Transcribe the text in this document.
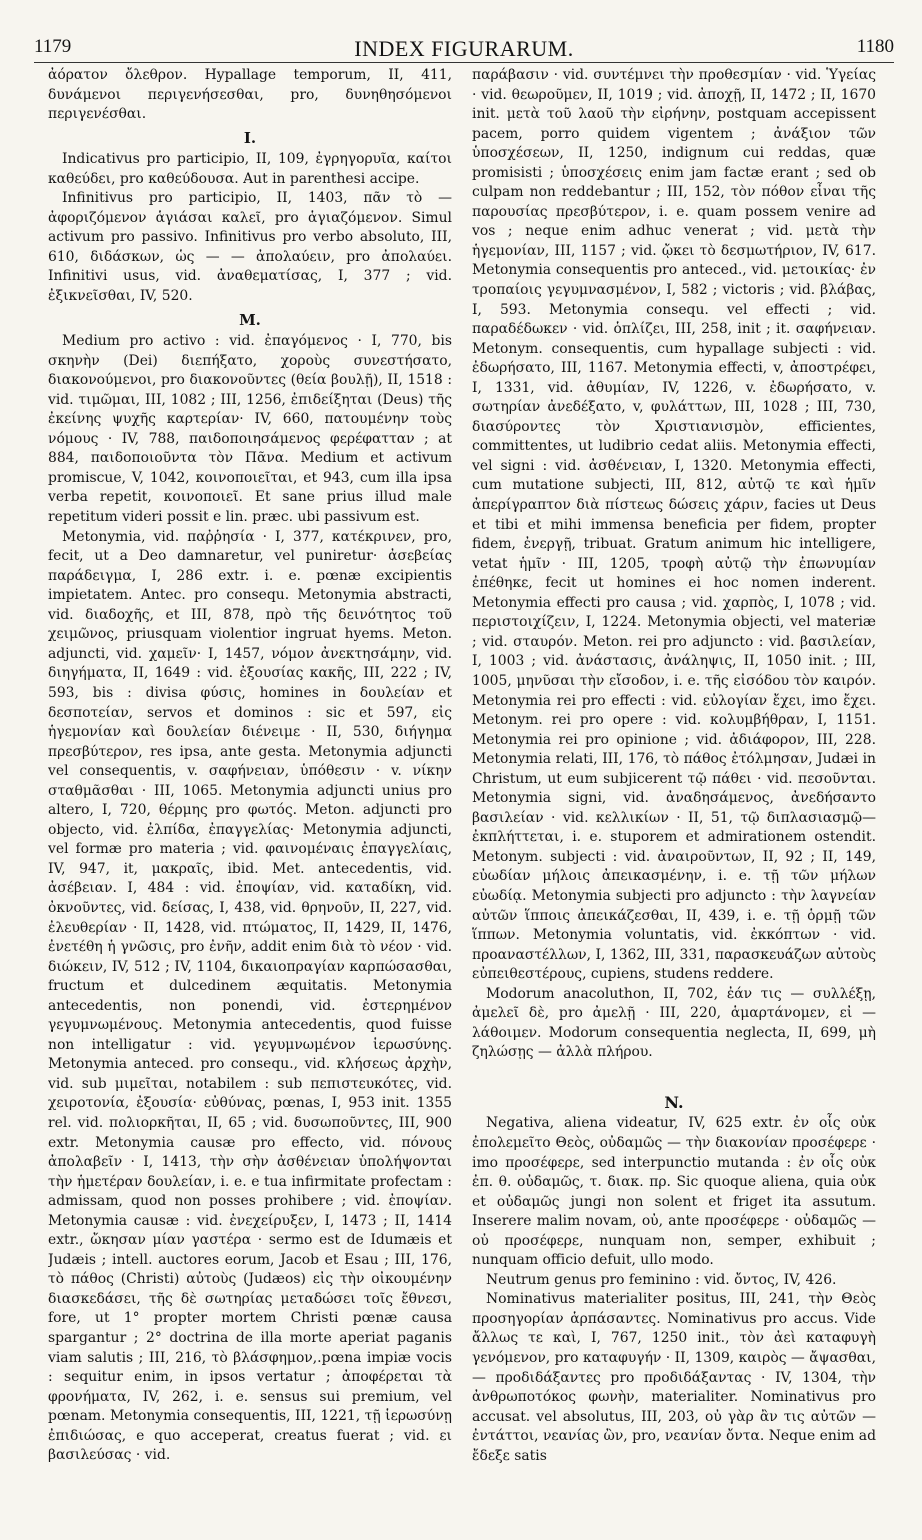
1179	INDEX FIGURARUM.	1180

ἀόρατον ὄλεθρον. Hypallage temporum, II, 411, δυνάμενοι περιγενήσεσθαι, pro, δυνηθησόμενοι περιγενέσθαι.

I.

Indicativus pro participio, II, 109, ἐγρηγορυῖα, καίτοι καθεύδει, pro καθεύδουσα. Aut in parenthesi accipe.

Infinitivus pro participio, II, 1403, πᾶν τὸ — ἀφοριζόμενον ἁγιάσαι καλεῖ, pro ἁγιαζόμενον. Simul activum pro passivo. Infinitivus pro verbo absoluto, III, 610, διδάσκων, ὡς — — ἀπολαύειν, pro ἀπολαύει. Infinitivi usus, vid. ἀναθεματίσας, I, 377 ; vid. ἐξικνεῖσθαι, IV, 520.

M.

Medium pro activo : vid. ἐπαγόμενος · I, 770, bis σκηνὴν (Dei) διεπήξατο, χοροὺς συνεστήσατο, διακονούμενοι, pro διακονοῦντες (θεία βουλῇ), II, 1518 : vid. τιμῶμαι, III, 1082 ; III, 1256, ἐπιδείξηται (Deus) τῆς ἐκείνης ψυχῆς καρτερίαν· IV, 660, πατουμένην τοὺς νόμους · IV, 788, παιδοποιησάμενος φερέφατταν ; at 884, παιδοποιοῦντα τὸν Πᾶνα. Medium et activum promiscue, V, 1042, κοινοποιεῖται, et 943, cum illa ipsa verba repetit, κοινοποιεῖ. Et sane prius illud male repetitum videri possit e lin. præc. ubi passivum est.

Metonymia, vid. παῤῥησία · I, 377, κατέκρινεν, pro, fecit, ut a Deo damnaretur, vel puniretur· ἀσεβείας παράδειγμα, I, 286 extr. i. e. pœnæ excipientis impietatem. Antec. pro consequ. Metonymia abstracti, vid. διαδοχῆς, et III, 878, πρὸ τῆς δεινότητος τοῦ χειμῶνος, priusquam violentior ingruat hyems. Meton. adjuncti, vid. χαμεῖν· I, 1457, νόμον ἀνεκτησάμην, vid. διηγήματα, II, 1649 : vid. ἐξουσίας κακῆς, III, 222 ; IV, 593, bis : divisa φύσις, homines in δουλείαν et δεσποτείαν, servos et dominos : sic et 597, εἰς ἡγεμονίαν καὶ δουλείαν διένειμε · II, 530, διήγημα πρεσβύτερον, res ipsa, ante gesta. Metonymia adjuncti vel consequentis, v. σαφήνειαν, ὑπόθεσιν · v. νίκην σταθμᾶσθαι · III, 1065. Metonymia adjuncti unius pro altero, I, 720, θέρμης pro φωτός. Meton. adjuncti pro objecto, vid. ἐλπίδα, ἐπαγγελίας· Metonymia adjuncti, vel formæ pro materia ; vid. φαινομέναις ἐπαγγελίαις, IV, 947, it, μακραῖς, ibid. Met. antecedentis, vid. ἀσέβειαν. I, 484 : vid. ἐποψίαν, vid. καταδίκη, vid. ὀκνοῦντες, vid. δείσας, I, 438, vid. θρηνοῦν, II, 227, vid. ἐλευθερίαν · II, 1428, vid. πτώματος, II, 1429, II, 1476, ἐνετέθη ἡ γνῶσις, pro ἐνῆν, addit enim διὰ τὸ νέον · vid. διώκειν, IV, 512 ; IV, 1104, δικαιοπραγίαν καρπώσασθαι, fructum et dulcedinem æquitatis. Metonymia antecedentis, non ponendi, vid. ἐστερημένον γεγυμνωμένους. Metonymia antecedentis, quod fuisse non intelligatur : vid. γεγυμνωμένον ἱερωσύνης. Metonymia anteced. pro consequ., vid. κλήσεως ἀρχὴν, vid. sub μιμεῖται, notabilem : sub πεπιστευκότες, vid. χειροτονία, ἐξουσία· εὐθύνας, pœnas, I, 953 init. 1355 rel. vid. πολιορκῆται, II, 65 ; vid. δυσωποῦντες, III, 900 extr. Metonymia causæ pro effecto, vid. πόνους ἀπολαβεῖν · I, 1413, τὴν σὴν ἀσθένειαν ὑπολήψονται τὴν ἡμετέραν δουλείαν, i. e. e tua infirmitate profectam : admissam, quod non posses prohibere ; vid. ἐποψίαν. Metonymia causæ : vid. ἐνεχείρυξεν, I, 1473 ; II, 1414 extr., ὤκησαν μίαν γαστέρα · sermo est de Idumæis et Judæis ; intell. auctores eorum, Jacob et Esau ; III, 176, τὸ πάθος (Christi) αὐτοὺς (Judæos) εἰς τὴν οἰκουμένην διασκεδάσει, τῆς δὲ σωτηρίας μεταδώσει τοῖς ἔθνεσι, fore, ut 1° propter mortem Christi pœnæ causa spargantur ; 2° doctrina de illa morte aperiat paganis viam salutis ; III, 216, τὸ βλάσφημον,.pœna impiæ vocis : sequitur enim, in ipsos vertatur ; ἀποφέρεται τὰ φρονήματα, IV, 262, i. e. sensus sui premium, vel pœnam. Metonymia consequentis, III, 1221, τῇ ἱερωσύνῃ ἐπιδιώσας, e quo acceperat, creatus fuerat ; vid. ει βασιλεύσας · vid.

παράβασιν · vid. συντέμνει τὴν προθεσμίαν · vid. Ὑγείας · vid. θεωροῦμεν, II, 1019 ; vid. ἀποχῇ, II, 1472 ; II, 1670 init. μετὰ τοῦ λαοῦ τὴν εἰρήνην, postquam accepissent pacem, porro quidem vigentem ; ἀνάξιον τῶν ὑποσχέσεων, II, 1250, indignum cui reddas, quæ promisisti ; ὑποσχέσεις enim jam factæ erant ; sed ob culpam non reddebantur ; III, 152, τὸν πόθον εἶναι τῆς παρουσίας πρεσβύτερον, i. e. quam possem venire ad vos ; neque enim adhuc venerat ; vid. μετὰ τὴν ἡγεμονίαν, III, 1157 ; vid. ᾤκει τὸ δεσμωτήριον, IV, 617. Metonymia consequentis pro anteced., vid. μετοικίας· ἐν τροπαίοις γεγυμνασμένον, I, 582 ; victoris ; vid. βλάβας, I, 593. Metonymia consequ. vel effecti ; vid. παραδέδωκεν · vid. ὁπλίζει, III, 258, init ; it. σαφήνειαν. Metonym. consequentis, cum hypallage subjecti : vid. ἐδωρήσατο, III, 1167. Metonymia effecti, v, ἀποστρέφει, I, 1331, vid. ἀθυμίαν, IV, 1226, v. ἐδωρήσατο, v. σωτηρίαν ἀνεδέξατο, v, φυλάττων, III, 1028 ; III, 730, διασύροντες τὸν Χριστιανισμὸν, efficientes, committentes, ut ludibrio cedat aliis. Metonymia effecti, vel signi : vid. ἀσθένειαν, I, 1320. Metonymia effecti, cum mutatione subjecti, III, 812, αὐτῷ τε καὶ ἡμῖν ἀπερίγραπτον διὰ πίστεως δώσεις χάριν, facies ut Deus et tibi et mihi immensa beneficia per fidem, propter fidem, ἐνεργῇ, tribuat. Gratum animum hic intelligere, vetat ἡμῖν · III, 1205, τροφὴ αὐτῷ τὴν ἐπωνυμίαν ἐπέθηκε, fecit ut homines ei hoc nomen inderent. Metonymia effecti pro causa ; vid. χαρπὸς, I, 1078 ; vid. περιστοιχίζειν, I, 1224. Metonymia objecti, vel materiæ ; vid. σταυρόν. Meton. rei pro adjuncto : vid. βασιλείαν, I, 1003 ; vid. ἀνάστασις, ἀνάληψις, II, 1050 init. ; III, 1005, μηνῦσαι τὴν εἴσοδον, i. e. τῆς εἰσόδου τὸν καιρόν. Metonymia rei pro effecti : vid. εὐλογίαν ἔχει, imo ἔχει. Metonym. rei pro opere : vid. κολυμβήθραν, I, 1151. Metonymia rei pro opinione ; vid. ἀδιάφορον, III, 228. Metonymia relati, III, 176, τὸ πάθος ἐτόλμησαν, Judæi in Christum, ut eum subjicerent τῷ πάθει · vid. πεσοῦνται. Metonymia signi, vid. ἀναδησάμενος, ἀνεδήσαντο βασιλείαν · vid. κελλικίων · II, 51, τῷ διπλασιασμῷ—ἐκπλήττεται, i. e. stuporem et admirationem ostendit. Metonym. subjecti : vid. ἀναιροῦντων, II, 92 ; II, 149, εὐωδίαν μήλοις ἀπεικασμένην, i. e. τῇ τῶν μήλων εὐωδίᾳ. Metonymia subjecti pro adjuncto : τὴν λαγνείαν αὐτῶν ἵπποις ἀπεικάζεσθαι, II, 439, i. e. τῇ ὁρμῇ τῶν ἵππων. Metonymia voluntatis, vid. ἐκκόπτων · vid. προαναστέλλων, I, 1362, III, 331, παρασκευάζων αὐτοὺς εὐπειθεστέρους, cupiens, studens reddere.

Modorum anacoluthon, II, 702, ἐάν τις — συλλέξῃ, ἀμελεῖ δὲ, pro ἀμελῇ · III, 220, ἁμαρτάνομεν, εἰ — λάθοιμεν. Modorum consequentia neglecta, II, 699, μὴ ζηλώσῃς — ἀλλὰ πλήρου.

N.

Negativa, aliena videatur, IV, 625 extr. ἐν οἷς οὐκ ἐπολεμεῖτο Θεὸς, οὐδαμῶς — τὴν διακονίαν προσέφερε · imo προσέφερε, sed interpunctio mutanda : ἐν οἷς οὐκ ἐπ. θ. οὐδαμῶς, τ. διακ. πρ. Sic quoque aliena, quia οὐκ et οὐδαμῶς jungi non solent et friget ita assutum. Inserere malim novam, οὐ, ante προσέφερε · οὐδαμῶς — οὐ προσέφερε, nunquam non, semper, exhibuit ; nunquam officio defuit, ullo modo.

Neutrum genus pro feminino : vid. ὄντος, IV, 426.

Nominativus materialiter positus, III, 241, τὴν Θεὸς προσηγορίαν ἁρπάσαντες. Nominativus pro accus. Vide ἄλλως τε καὶ, I, 767, 1250 init., τὸν ἀεὶ καταφυγὴ γενόμενον, pro καταφυγήν · II, 1309, καιρὸς — ἄψασθαι, — προδιδάξαντες pro προδιδάξαντας · IV, 1304, τὴν ἀνθρωποτόκος φωνὴν, materialiter. Nominativus pro accusat. vel absolutus, III, 203, οὐ γὰρ ἂν τις αὐτῶν — ἐντάττοι, νεανίας ὢν, pro, νεανίαν ὄντα. Neque enim ad ἔδεξε satis
